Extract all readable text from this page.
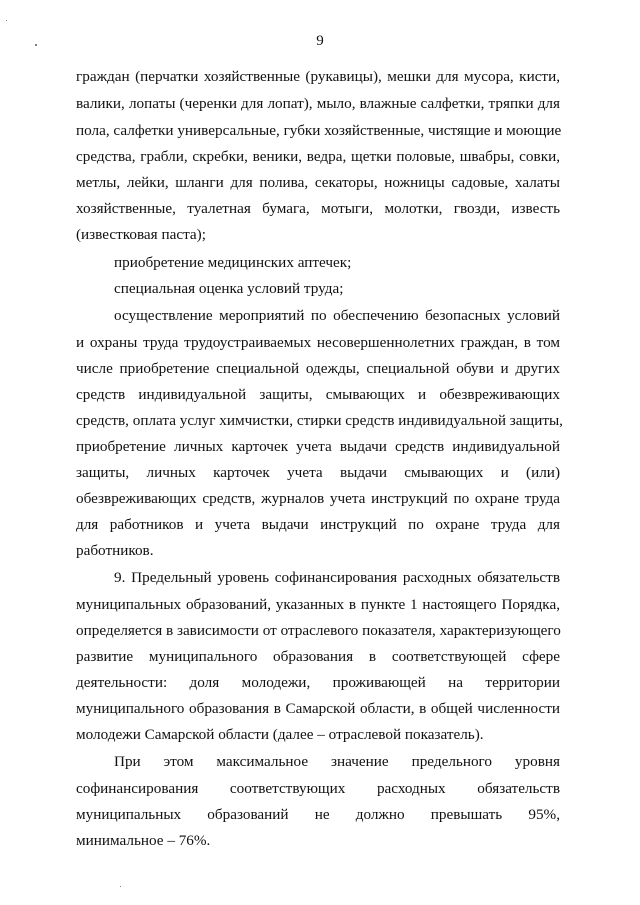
9
граждан (перчатки хозяйственные (рукавицы), мешки для мусора, кисти,
валики, лопаты (черенки для лопат), мыло, влажные салфетки, тряпки для
пола, салфетки универсальные, губки хозяйственные, чистящие и моющие
средства, грабли, скребки, веники, ведра, щетки половые, швабры, совки,
метлы, лейки, шланги для полива, секаторы, ножницы садовые, халаты
хозяйственные, туалетная бумага, мотыги, молотки, гвозди, известь
(известковая паста);
приобретение медицинских аптечек;
специальная оценка условий труда;
осуществление мероприятий по обеспечению безопасных условий
и охраны труда трудоустраиваемых несовершеннолетних граждан, в том
числе приобретение специальной одежды, специальной обуви и других
средств индивидуальной защиты, смывающих и обезвреживающих
средств, оплата услуг химчистки, стирки средств индивидуальной защиты,
приобретение личных карточек учета выдачи средств индивидуальной
защиты, личных карточек учета выдачи смывающих и (или)
обезвреживающих средств, журналов учета инструкций по охране труда
для работников и учета выдачи инструкций по охране труда для
работников.
9. Предельный уровень софинансирования расходных обязательств
муниципальных образований, указанных в пункте 1 настоящего Порядка,
определяется в зависимости от отраслевого показателя, характеризующего
развитие муниципального образования в соответствующей сфере
деятельности: доля молодежи, проживающей на территории
муниципального образования в Самарской области, в общей численности
молодежи Самарской области (далее – отраслевой показатель).
При этом максимальное значение предельного уровня
софинансирования соответствующих расходных обязательств
муниципальных образований не должно превышать 95%,
минимальное – 76%.
